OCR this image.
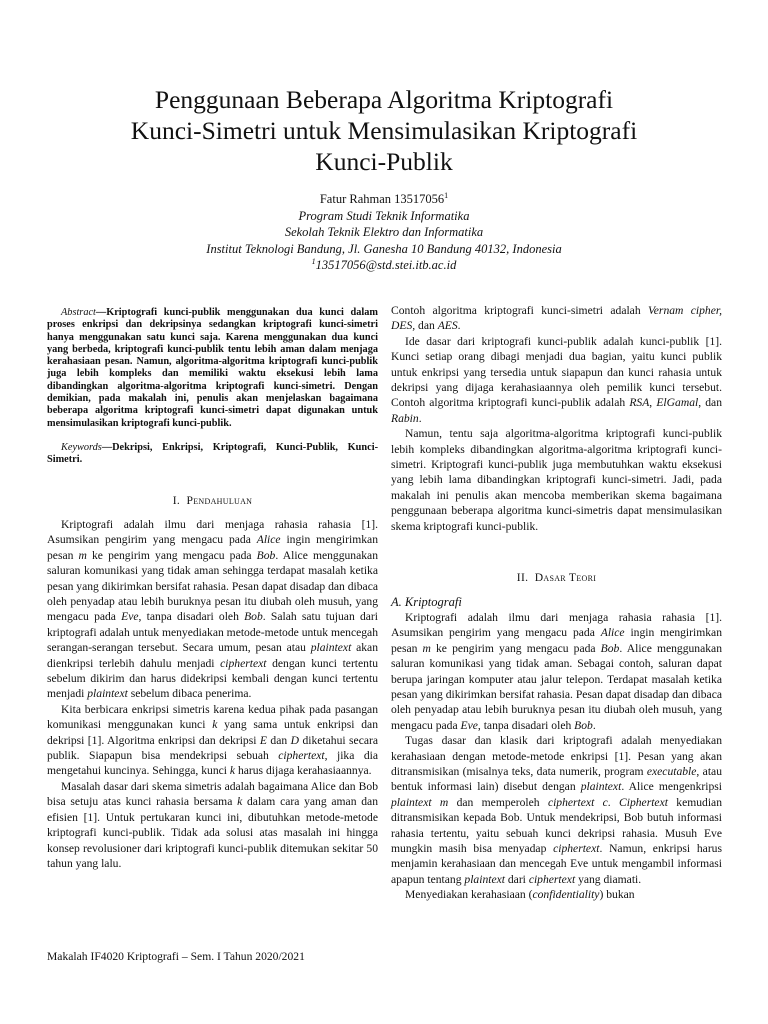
Penggunaan Beberapa Algoritma Kriptografi
Kunci-Simetri untuk Mensimulasikan Kriptografi
Kunci-Publik
Fatur Rahman 13517056$^1$
Program Studi Teknik Informatika
Sekolah Teknik Elektro dan Informatika
Institut Teknologi Bandung, Jl. Ganesha 10 Bandung 40132, Indonesia
$^1$13517056@std.stei.itb.ac.id

Abstract—Kriptografi kunci-publik menggunakan dua kunci dalam proses enkripsi dan dekripsinya sedangkan kriptografi kunci-simetri hanya menggunakan satu kunci saja. Karena menggunakan dua kunci yang berbeda, kriptografi kunci-publik tentu lebih aman dalam menjaga kerahasiaan pesan. Namun, algoritma-algoritma kriptografi kunci-publik juga lebih kompleks dan memiliki waktu eksekusi lebih lama dibandingkan algoritma-algoritma kriptografi kunci-simetri. Dengan demikian, pada makalah ini, penulis akan menjelaskan bagaimana beberapa algoritma kriptografi kunci-simetri dapat digunakan untuk mensimulasikan kriptografi kunci-publik.

Keywords—Dekripsi, Enkripsi, Kriptografi, Kunci-Publik, Kunci-Simetri.

I. Pendahuluan

Kriptografi adalah ilmu dari menjaga rahasia rahasia [1]. Asumsikan pengirim yang mengacu pada Alice ingin mengirimkan pesan m ke pengirim yang mengacu pada Bob. Alice menggunakan saluran komunikasi yang tidak aman sehingga terdapat masalah ketika pesan yang dikirimkan bersifat rahasia. Pesan dapat disadap dan dibaca oleh penyadap atau lebih buruknya pesan itu diubah oleh musuh, yang mengacu pada Eve, tanpa disadari oleh Bob. Salah satu tujuan dari kriptografi adalah untuk menyediakan metode-metode untuk mencegah serangan-serangan tersebut. Secara umum, pesan atau plaintext akan dienkripsi terlebih dahulu menjadi ciphertext dengan kunci tertentu sebelum dikirim dan harus didekripsi kembali dengan kunci tertentu menjadi plaintext sebelum dibaca penerima.

Kita berbicara enkripsi simetris karena kedua pihak pada pasangan komunikasi menggunakan kunci k yang sama untuk enkripsi dan dekripsi [1]. Algoritma enkripsi dan dekripsi E dan D diketahui secara publik. Siapapun bisa mendekripsi sebuah ciphertext, jika dia mengetahui kuncinya. Sehingga, kunci k harus dijaga kerahasiaannya.

Masalah dasar dari skema simetris adalah bagaimana Alice dan Bob bisa setuju atas kunci rahasia bersama k dalam cara yang aman dan efisien [1]. Untuk pertukaran kunci ini, dibutuhkan metode-metode kriptografi kunci-publik. Tidak ada solusi atas masalah ini hingga konsep revolusioner dari kriptografi kunci-publik ditemukan sekitar 50 tahun yang lalu.

Contoh algoritma kriptografi kunci-simetri adalah Vernam cipher, DES, dan AES.

Ide dasar dari kriptografi kunci-publik adalah kunci-publik [1]. Kunci setiap orang dibagi menjadi dua bagian, yaitu kunci publik untuk enkripsi yang tersedia untuk siapapun dan kunci rahasia untuk dekripsi yang dijaga kerahasiaannya oleh pemilik kunci tersebut. Contoh algoritma kriptografi kunci-publik adalah RSA, ElGamal, dan Rabin.

Namun, tentu saja algoritma-algoritma kriptografi kunci-publik lebih kompleks dibandingkan algoritma-algoritma kriptografi kunci-simetri. Kriptografi kunci-publik juga membutuhkan waktu eksekusi yang lebih lama dibandingkan kriptografi kunci-simetri. Jadi, pada makalah ini penulis akan mencoba memberikan skema bagaimana penggunaan beberapa algoritma kunci-simetris dapat mensimulasikan skema kriptografi kunci-publik.

II. Dasar Teori

A. Kriptografi

Kriptografi adalah ilmu dari menjaga rahasia rahasia [1]. Asumsikan pengirim yang mengacu pada Alice ingin mengirimkan pesan m ke pengirim yang mengacu pada Bob. Alice menggunakan saluran komunikasi yang tidak aman. Sebagai contoh, saluran dapat berupa jaringan komputer atau jalur telepon. Terdapat masalah ketika pesan yang dikirimkan bersifat rahasia. Pesan dapat disadap dan dibaca oleh penyadap atau lebih buruknya pesan itu diubah oleh musuh, yang mengacu pada Eve, tanpa disadari oleh Bob.

Tugas dasar dan klasik dari kriptografi adalah menyediakan kerahasiaan dengan metode-metode enkripsi [1]. Pesan yang akan ditransmisikan (misalnya teks, data numerik, program executable, atau bentuk informasi lain) disebut dengan plaintext. Alice mengenkripsi plaintext m dan memperoleh ciphertext c. Ciphertext kemudian ditransmisikan kepada Bob. Untuk mendekripsi, Bob butuh informasi rahasia tertentu, yaitu sebuah kunci dekripsi rahasia. Musuh Eve mungkin masih bisa menyadap ciphertext. Namun, enkripsi harus menjamin kerahasiaan dan mencegah Eve untuk mengambil informasi apapun tentang plaintext dari ciphertext yang diamati.

Menyediakan kerahasiaan (confidentiality) bukan

Makalah IF4020 Kriptografi – Sem. I Tahun 2020/2021
